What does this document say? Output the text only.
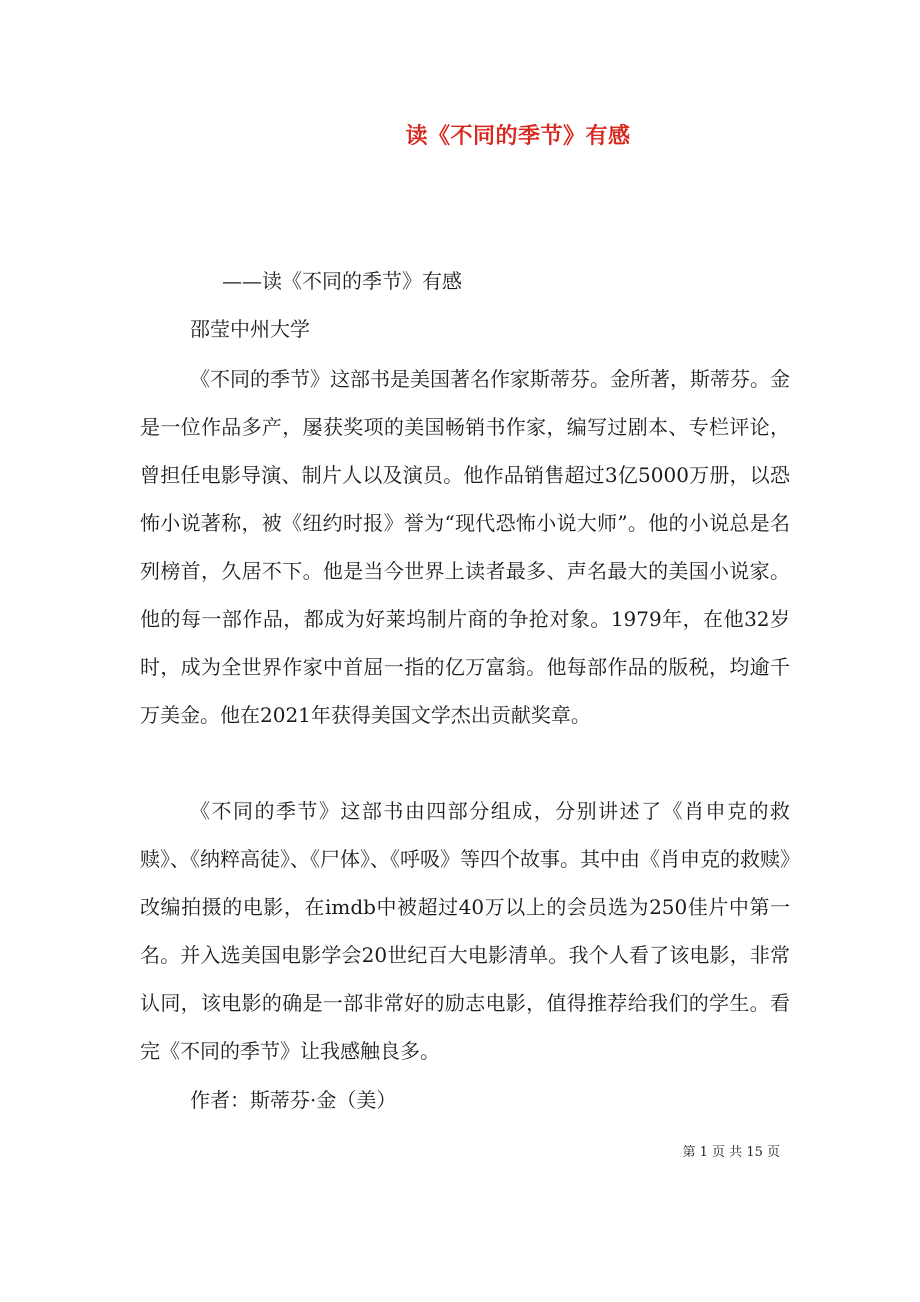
读《不同的季节》有感
——读《不同的季节》有感
邵莹中州大学

《不同的季节》这部书是美国著名作家斯蒂芬。金所著，斯蒂芬。金是一位作品多产，屡获奖项的美国畅销书作家，编写过剧本、专栏评论，曾担任电影导演、制片人以及演员。他作品销售超过3亿5000万册，以恐怖小说著称，被《纽约时报》誉为“现代恐怖小说大师”。他的小说总是名列榜首，久居不下。他是当今世界上读者最多、声名最大的美国小说家。他的每一部作品，都成为好莱坞制片商的争抢对象。1979年，在他32岁时，成为全世界作家中首屈一指的亿万富翁。他每部作品的版税，均逾千万美金。他在2021年获得美国文学杰出贡献奖章。

《不同的季节》这部书由四部分组成，分别讲述了《肖申克的救赎》、《纳粹高徒》、《尸体》、《呼吸》等四个故事。其中由《肖申克的救赎》改编拍摄的电影，在imdb中被超过40万以上的会员选为250佳片中第一名。并入选美国电影学会20世纪百大电影清单。我个人看了该电影，非常认同，该电影的确是一部非常好的励志电影，值得推荐给我们的学生。看完《不同的季节》让我感触良多。

作者：斯蒂芬·金（美）
第 1 页 共 15 页
